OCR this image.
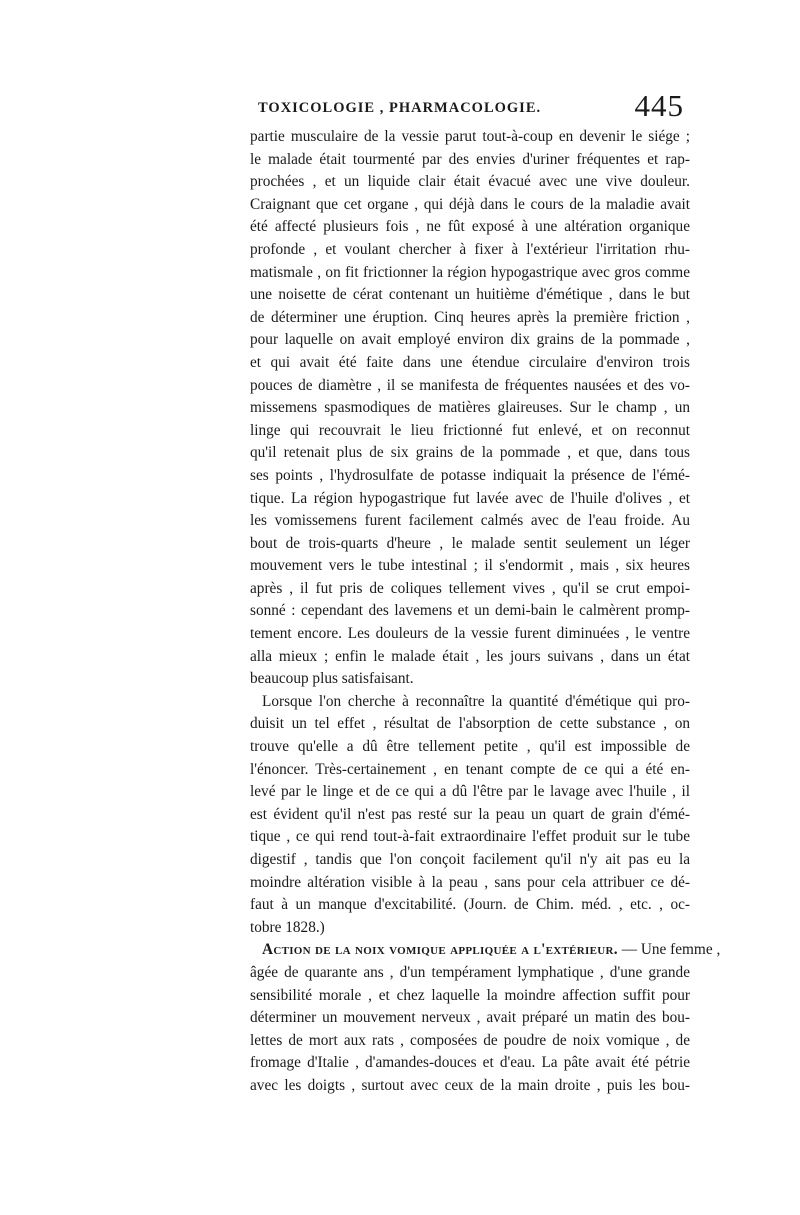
TOXICOLOGIE , PHARMACOLOGIE.	445
partie musculaire de la vessie parut tout-à-coup en devenir le siége ;
le malade était tourmenté par des envies d'uriner fréquentes et rap-
prochées , et un liquide clair était évacué avec une vive douleur.
Craignant que cet organe , qui déjà dans le cours de la maladie avait
été affecté plusieurs fois , ne fût exposé à une altération organique
profonde , et voulant chercher à fixer à l'extérieur l'irritation rhu-
matismale , on fit frictionner la région hypogastrique avec gros comme
une noisette de cérat contenant un huitième d'émétique , dans le but
de déterminer une éruption. Cinq heures après la première friction ,
pour laquelle on avait employé environ dix grains de la pommade ,
et qui avait été faite dans une étendue circulaire d'environ trois
pouces de diamètre , il se manifesta de fréquentes nausées et des vo-
missemens spasmodiques de matières glaireuses. Sur le champ , un
linge qui recouvrait le lieu frictionné fut enlevé, et on reconnut
qu'il retenait plus de six grains de la pommade , et que, dans tous
ses points , l'hydrosulfate de potasse indiquait la présence de l'émé-
tique. La région hypogastrique fut lavée avec de l'huile d'olives , et
les vomissemens furent facilement calmés avec de l'eau froide. Au
bout de trois-quarts d'heure , le malade sentit seulement un léger
mouvement vers le tube intestinal ; il s'endormit , mais , six heures
après , il fut pris de coliques tellement vives , qu'il se crut empoi-
sonné : cependant des lavemens et un demi-bain le calmèrent promp-
tement encore. Les douleurs de la vessie furent diminuées , le ventre
alla mieux ; enfin le malade était , les jours suivans , dans un état
beaucoup plus satisfaisant.
Lorsque l'on cherche à reconnaître la quantité d'émétique qui pro-
duisit un tel effet , résultat de l'absorption de cette substance , on
trouve qu'elle a dû être tellement petite , qu'il est impossible de
l'énoncer. Très-certainement , en tenant compte de ce qui a été en-
levé par le linge et de ce qui a dû l'être par le lavage avec l'huile , il
est évident qu'il n'est pas resté sur la peau un quart de grain d'émé-
tique , ce qui rend tout-à-fait extraordinaire l'effet produit sur le tube
digestif , tandis que l'on conçoit facilement qu'il n'y ait pas eu la
moindre altération visible à la peau , sans pour cela attribuer ce dé-
faut à un manque d'excitabilité. (Journ. de Chim. méd. , etc. , oc-
tobre 1828.)
Action de la noix vomique appliquée a l'extérieur. — Une femme ,
âgée de quarante ans , d'un tempérament lymphatique , d'une grande
sensibilité morale , et chez laquelle la moindre affection suffit pour
déterminer un mouvement nerveux , avait préparé un matin des bou-
lettes de mort aux rats , composées de poudre de noix vomique , de
fromage d'Italie , d'amandes-douces et d'eau. La pâte avait été pétrie
avec les doigts , surtout avec ceux de la main droite , puis les bou-
